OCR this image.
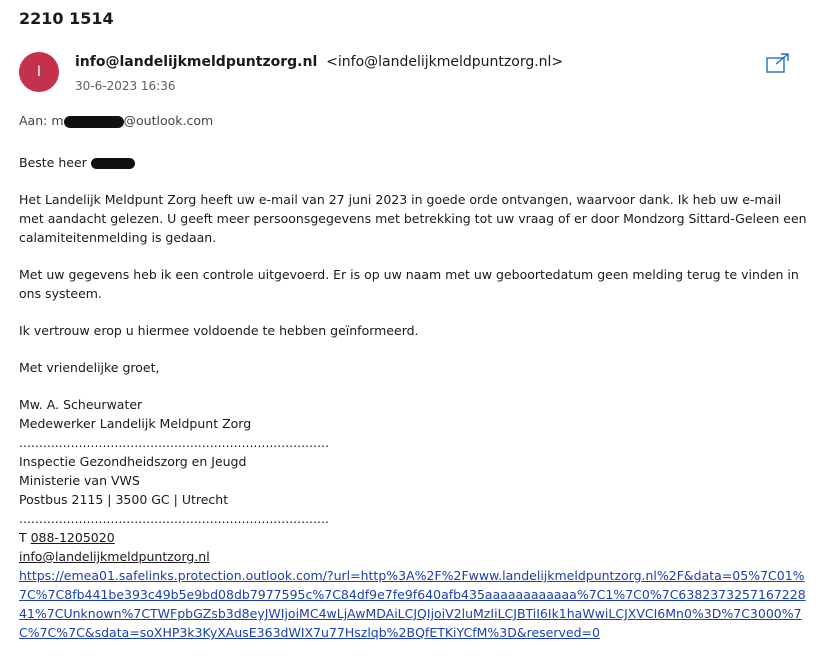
2210 1514
I
info@landelijkmeldpuntzorg.nl <info@landelijkmeldpuntzorg.nl>
30-6-2023 16:36
Aan: m	@outlook.com

Beste heer

Het Landelijk Meldpunt Zorg heeft uw e-mail van 27 juni 2023 in goede orde ontvangen, waarvoor dank. Ik heb uw e-mail met aandacht gelezen. U geeft meer persoonsgegevens met betrekking tot uw vraag of er door Mondzorg Sittard-Geleen een calamiteitenmelding is gedaan.

Met uw gegevens heb ik een controle uitgevoerd. Er is op uw naam met uw geboortedatum geen melding terug te vinden in ons systeem.

Ik vertrouw erop u hiermee voldoende te hebben geïnformeerd.

Met vriendelijke groet,

Mw. A. Scheurwater
Medewerker Landelijk Meldpunt Zorg
..............................................................................
Inspectie Gezondheidszorg en Jeugd
Ministerie van VWS
Postbus 2115 | 3500 GC | Utrecht
..............................................................................
T 088-1205020
info@landelijkmeldpuntzorg.nl
https://emea01.safelinks.protection.outlook.com/?url=http%3A%2F%2Fwww.landelijkmeldpuntzorg.nl%2F&data=05%7C01%7C%7C8fb441be393c49b5e9bd08db7977595c%7C84df9e7fe9f640afb435aaaaaaaaaaaa%7C1%7C0%7C638237325716722841%7CUnknown%7CTWFpbGZsb3d8eyJWIjoiMC4wLjAwMDAiLCJQIjoiV2luMzIiLCJBTiI6Ik1haWwiLCJXVCI6Mn0%3D%7C3000%7C%7C%7C&sdata=soXHP3k3KyXAusE363dWIX7u77Hszlqb%2BQfETKiYCfM%3D&reserved=0
